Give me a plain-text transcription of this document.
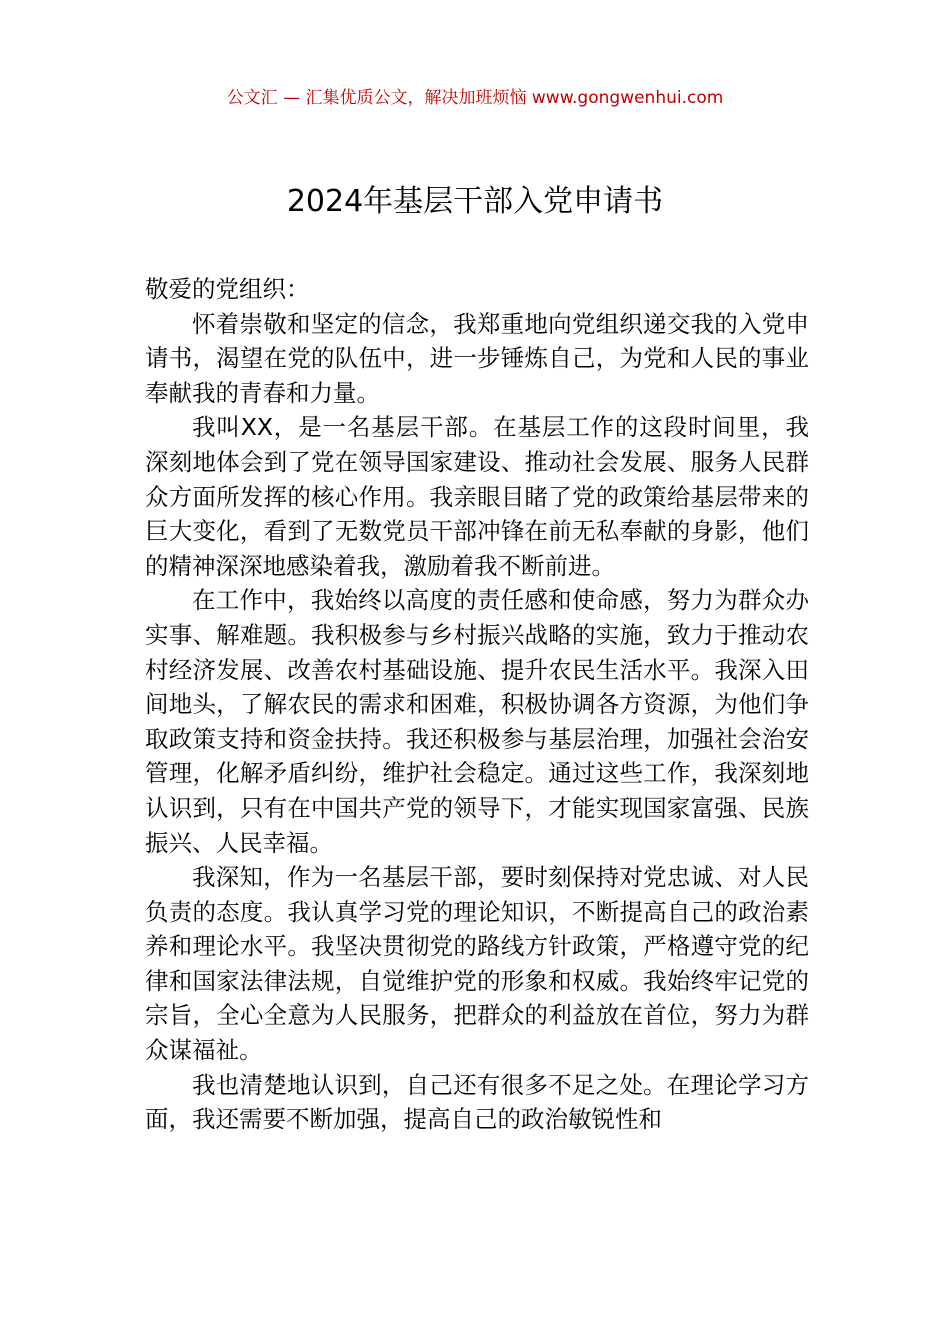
公文汇 — 汇集优质公文，解决加班烦恼 www.gongwenhui.com
2024年基层干部入党申请书

敬爱的党组织：

怀着崇敬和坚定的信念，我郑重地向党组织递交我的入党申请书，渴望在党的队伍中，进一步锤炼自己，为党和人民的事业奉献我的青春和力量。

我叫XX，是一名基层干部。在基层工作的这段时间里，我深刻地体会到了党在领导国家建设、推动社会发展、服务人民群众方面所发挥的核心作用。我亲眼目睹了党的政策给基层带来的巨大变化，看到了无数党员干部冲锋在前无私奉献的身影，他们的精神深深地感染着我，激励着我不断前进。

在工作中，我始终以高度的责任感和使命感，努力为群众办实事、解难题。我积极参与乡村振兴战略的实施，致力于推动农村经济发展、改善农村基础设施、提升农民生活水平。我深入田间地头，了解农民的需求和困难，积极协调各方资源，为他们争取政策支持和资金扶持。我还积极参与基层治理，加强社会治安管理，化解矛盾纠纷，维护社会稳定。通过这些工作，我深刻地认识到，只有在中国共产党的领导下，才能实现国家富强、民族振兴、人民幸福。

我深知，作为一名基层干部，要时刻保持对党忠诚、对人民负责的态度。我认真学习党的理论知识，不断提高自己的政治素养和理论水平。我坚决贯彻党的路线方针政策，严格遵守党的纪律和国家法律法规，自觉维护党的形象和权威。我始终牢记党的宗旨，全心全意为人民服务，把群众的利益放在首位，努力为群众谋福祉。

我也清楚地认识到，自己还有很多不足之处。在理论学习方面，我还需要不断加强，提高自己的政治敏锐性和
